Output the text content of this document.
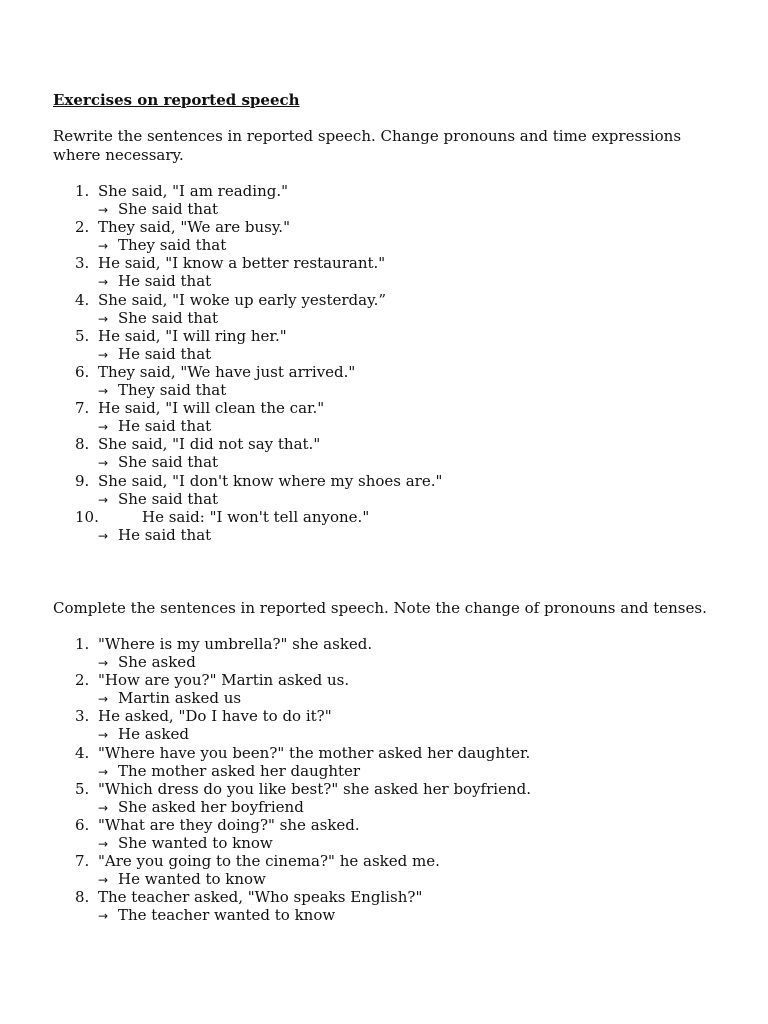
Exercises on reported speech
Rewrite the sentences in reported speech. Change pronouns and time expressions where necessary.
1. She said, "I am reading."
→ She said that
2. They said, "We are busy."
→ They said that
3. He said, "I know a better restaurant."
→ He said that
4. She said, "I woke up early yesterday.”
→ She said that
5. He said, "I will ring her."
→ He said that
6. They said, "We have just arrived."
→ They said that
7. He said, "I will clean the car."
→ He said that
8. She said, "I did not say that."
→ She said that
9. She said, "I don't know where my shoes are."
→ She said that
10.	He said: "I won't tell anyone."
→ He said that
Complete the sentences in reported speech. Note the change of pronouns and tenses.
1. "Where is my umbrella?" she asked.
→ She asked
2. "How are you?" Martin asked us.
→ Martin asked us
3. He asked, "Do I have to do it?"
→ He asked
4. "Where have you been?" the mother asked her daughter.
→ The mother asked her daughter
5. "Which dress do you like best?" she asked her boyfriend.
→ She asked her boyfriend
6. "What are they doing?" she asked.
→ She wanted to know
7. "Are you going to the cinema?" he asked me.
→ He wanted to know
8. The teacher asked, "Who speaks English?"
→ The teacher wanted to know
